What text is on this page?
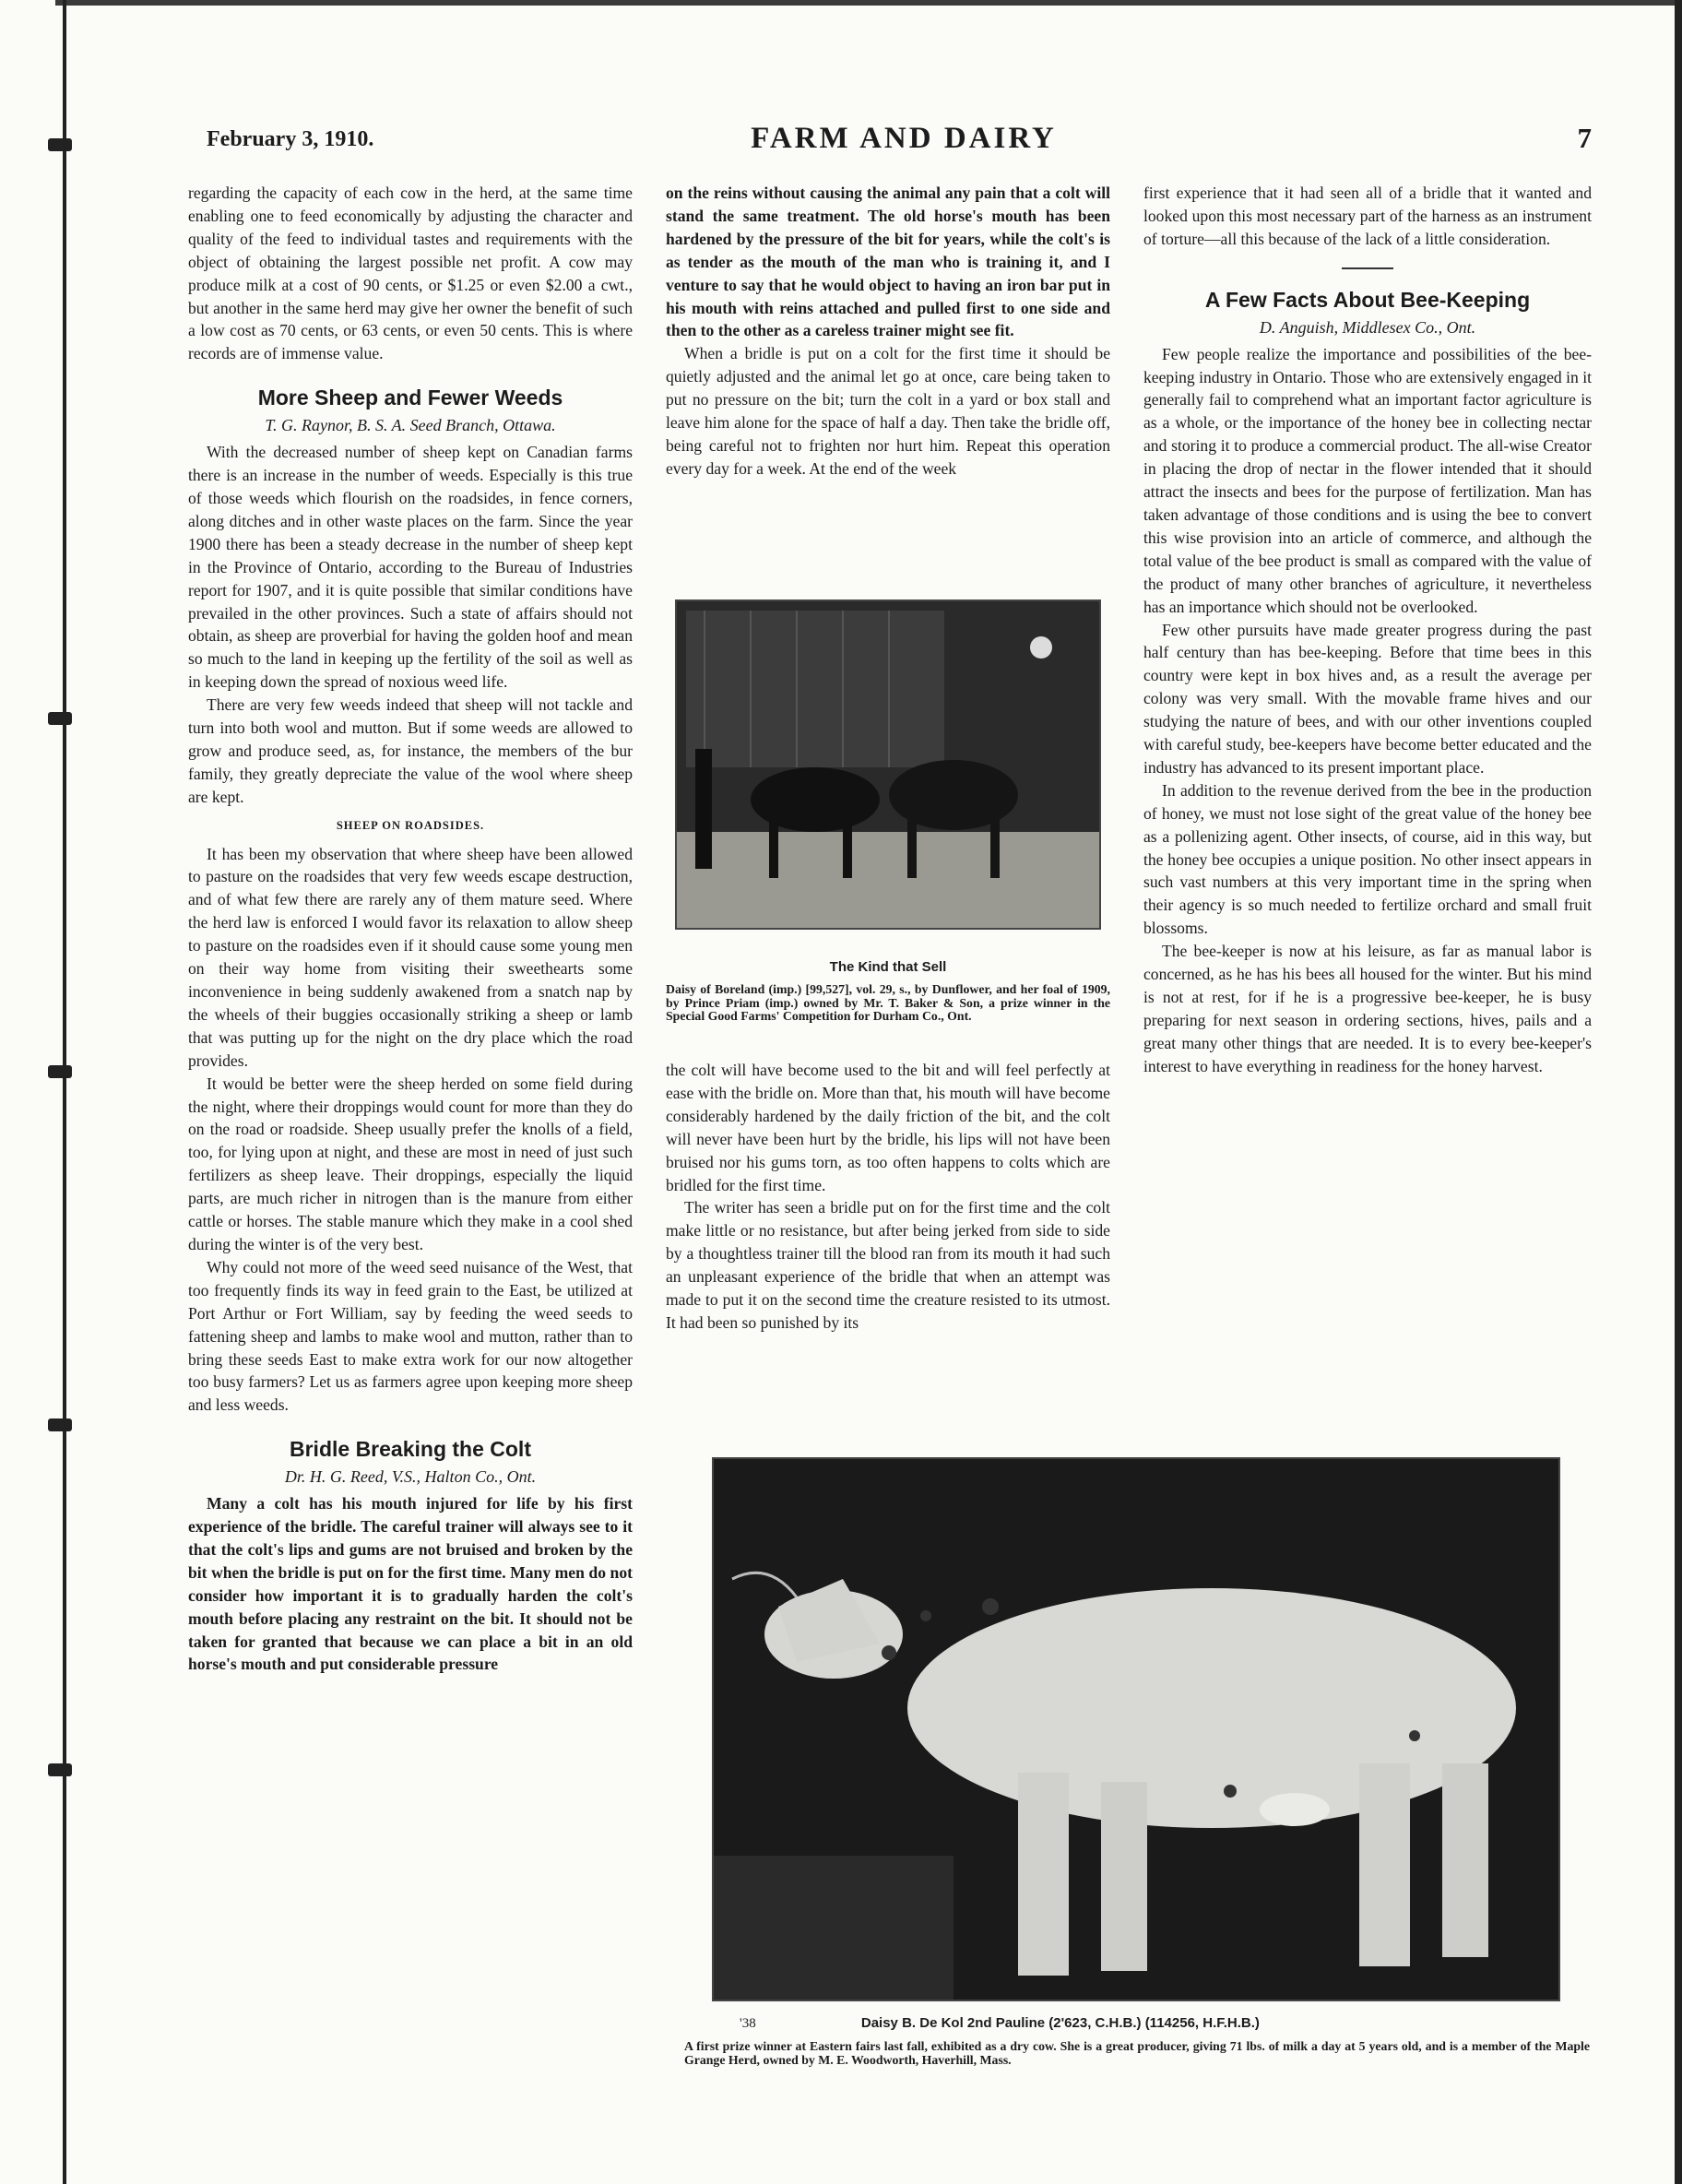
February 3, 1910.	FARM AND DAIRY	7

regarding the capacity of each cow in the herd, at the same time enabling one to feed economically by adjusting the character and quality of the feed to individual tastes and requirements with the object of obtaining the largest possible net profit. A cow may produce milk at a cost of 90 cents, or $1.25 or even $2.00 a cwt., but another in the same herd may give her owner the benefit of such a low cost as 70 cents, or 63 cents, or even 50 cents. This is where records are of immense value.

More Sheep and Fewer Weeds
T. G. Raynor, B. S. A. Seed Branch, Ottawa.

With the decreased number of sheep kept on Canadian farms there is an increase in the number of weeds. Especially is this true of those weeds which flourish on the roadsides, in fence corners, along ditches and in other waste places on the farm. Since the year 1900 there has been a steady decrease in the number of sheep kept in the Province of Ontario, according to the Bureau of Industries report for 1907, and it is quite possible that similar conditions have prevailed in the other provinces. Such a state of affairs should not obtain, as sheep are proverbial for having the golden hoof and mean so much to the land in keeping up the fertility of the soil as well as in keeping down the spread of noxious weed life.

There are very few weeds indeed that sheep will not tackle and turn into both wool and mutton. But if some weeds are allowed to grow and produce seed, as, for instance, the members of the bur family, they greatly depreciate the value of the wool where sheep are kept.

SHEEP ON ROADSIDES.

It has been my observation that where sheep have been allowed to pasture on the roadsides that very few weeds escape destruction, and of what few there are rarely any of them mature seed. Where the herd law is enforced I would favor its relaxation to allow sheep to pasture on the roadsides even if it should cause some young men on their way home from visiting their sweethearts some inconvenience in being suddenly awakened from a snatch nap by the wheels of their buggies occasionally striking a sheep or lamb that was putting up for the night on the dry place which the road provides.

It would be better were the sheep herded on some field during the night, where their droppings would count for more than they do on the road or roadside. Sheep usually prefer the knolls of a field, too, for lying upon at night, and these are most in need of just such fertilizers as sheep leave. Their droppings, especially the liquid parts, are much richer in nitrogen than is the manure from either cattle or horses. The stable manure which they make in a cool shed during the winter is of the very best.

Why could not more of the weed seed nuisance of the West, that too frequently finds its way in feed grain to the East, be utilized at Port Arthur or Fort William, say by feeding the weed seeds to fattening sheep and lambs to make wool and mutton, rather than to bring these seeds East to make extra work for our now altogether too busy farmers? Let us as farmers agree upon keeping more sheep and less weeds.

Bridle Breaking the Colt
Dr. H. G. Reed, V.S., Halton Co., Ont.

Many a colt has his mouth injured for life by his first experience of the bridle. The careful trainer will always see to it that the colt's lips and gums are not bruised and broken by the bit when the bridle is put on for the first time. Many men do not consider how important it is to gradually harden the colt's mouth before placing any restraint on the bit. It should not be taken for granted that because we can place a bit in an old horse's mouth and put considerable pressure

on the reins without causing the animal any pain that a colt will stand the same treatment. The old horse's mouth has been hardened by the pressure of the bit for years, while the colt's is as tender as the mouth of the man who is training it, and I venture to say that he would object to having an iron bar put in his mouth with reins attached and pulled first to one side and then to the other as a careless trainer might see fit.

When a bridle is put on a colt for the first time it should be quietly adjusted and the animal let go at once, care being taken to put no pressure on the bit; turn the colt in a yard or box stall and leave him alone for the space of half a day. Then take the bridle off, being careful not to frighten nor hurt him. Repeat this operation every day for a week. At the end of the week

The Kind that Sell
Daisy of Boreland (imp.) [99,527], vol. 29, s., by Dunflower, and her foal of 1909, by Prince Priam (imp.) owned by Mr. T. Baker & Son, a prize winner in the Special Good Farms' Competition for Durham Co., Ont.

the colt will have become used to the bit and will feel perfectly at ease with the bridle on. More than that, his mouth will have become considerably hardened by the daily friction of the bit, and the colt will never have been hurt by the bridle, his lips will not have been bruised nor his gums torn, as too often happens to colts which are bridled for the first time.

The writer has seen a bridle put on for the first time and the colt make little or no resistance, but after being jerked from side to side by a thoughtless trainer till the blood ran from its mouth it had such an unpleasant experience of the bridle that when an attempt was made to put it on the second time the creature resisted to its utmost. It had been so punished by its

first experience that it had seen all of a bridle that it wanted and looked upon this most necessary part of the harness as an instrument of torture—all this because of the lack of a little consideration.

A Few Facts About Bee-Keeping
D. Anguish, Middlesex Co., Ont.

Few people realize the importance and possibilities of the bee-keeping industry in Ontario. Those who are extensively engaged in it generally fail to comprehend what an important factor agriculture is as a whole, or the importance of the honey bee in collecting nectar and storing it to produce a commercial product. The all-wise Creator in placing the drop of nectar in the flower intended that it should attract the insects and bees for the purpose of fertilization. Man has taken advantage of those conditions and is using the bee to convert this wise provision into an article of commerce, and although the total value of the bee product is small as compared with the value of the product of many other branches of agriculture, it nevertheless has an importance which should not be overlooked.

Few other pursuits have made greater progress during the past half century than has bee-keeping. Before that time bees in this country were kept in box hives and, as a result the average per colony was very small. With the movable frame hives and our studying the nature of bees, and with our other inventions coupled with careful study, bee-keepers have become better educated and the industry has advanced to its present important place.

In addition to the revenue derived from the bee in the production of honey, we must not lose sight of the great value of the honey bee as a pollenizing agent. Other insects, of course, aid in this way, but the honey bee occupies a unique position. No other insect appears in such vast numbers at this very important time in the spring when their agency is so much needed to fertilize orchard and small fruit blossoms.

The bee-keeper is now at his leisure, as far as manual labor is concerned, as he has his bees all housed for the winter. But his mind is not at rest, for if he is a progressive bee-keeper, he is busy preparing for next season in ordering sections, hives, pails and a great many other things that are needed. It is to every bee-keeper's interest to have everything in readiness for the honey harvest.

'38	Daisy B. De Kol 2nd Pauline (2'623, C.H.B.) (114256, H.F.H.B.)
A first prize winner at Eastern fairs last fall, exhibited as a dry cow. She is a great producer, giving 71 lbs. of milk a day at 5 years old, and is a member of the Maple Grange Herd, owned by M. E. Woodworth, Haverhill, Mass.
